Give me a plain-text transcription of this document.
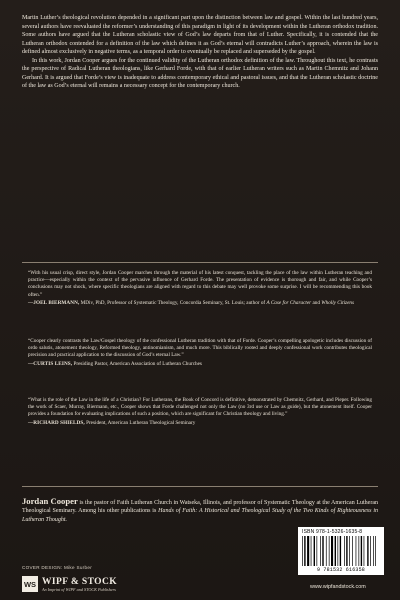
Martin Luther’s theological revolution depended in a significant part upon the distinction between law and gospel. Within the last hundred years, several authors have reevaluated the reformer’s understanding of this paradigm in light of its development within the Lutheran orthodox tradition. Some authors have argued that the Lutheran scholastic view of God’s law departs from that of Luther. Specifically, it is contended that the Lutheran orthodox contended for a definition of the law which defines it as God’s eternal will contradicts Luther’s approach, wherein the law is defined almost exclusively in negative terms, as a temporal order to eventually be replaced and superseded by the gospel.

In this work, Jordan Cooper argues for the continued validity of the Lutheran orthodox definition of the law. Throughout this text, he contrasts the perspective of Radical Lutheran theologians, like Gerhard Forde, with that of earlier Lutheran writers such as Martin Chemnitz and Johann Gerhard. It is argued that Forde’s view is inadequate to address contemporary ethical and pastoral issues, and that the Lutheran scholastic doctrine of the law as God’s eternal will remains a necessary concept for the contemporary church.

“With his usual crisp, direct style, Jordan Cooper marches through the material of his latest conquest, tackling the place of the law within Lutheran teaching and practice—especially within the context of the pervasive influence of Gerhard Forde. The presentation of evidence is thorough and fair, and while Cooper’s conclusions may not shock, where specific theologians are aligned with regard to this debate may well provoke some surprise. I will be recommending this book often.”

—JOEL BIERMANN, MDiv, PhD, Professor of Systematic Theology, Concordia Seminary, St. Louis; author of A Case for Character and Wholly Citizens

“Cooper clearly contrasts the Law/Gospel theology of the confessional Lutheran tradition with that of Forde. Cooper’s compelling apologetic includes discussion of ordo salutis, atonement theology, Reformed theology, antinomianism, and much more. This biblically rooted and deeply confessional work contributes theological precision and practical application to the discussion of God’s eternal Law.”

—CURTIS LEINS, Presiding Pastor, American Association of Lutheran Churches

“What is the role of the Law in the life of a Christian? For Lutherans, the Book of Concord is definitive, demonstrated by Chemnitz, Gerhard, and Pieper. Following the work of Scaer, Murray, Biermann, etc., Cooper shows that Forde challenged not only the Law (no 3rd use or Law as guide), but the atonement itself. Cooper provides a foundation for evaluating implications of such a position, which are significant for Christian theology and living.”

—RICHARD SHIELDS, President, American Lutheran Theological Seminary

Jordan Cooper is the pastor of Faith Lutheran Church in Watseka, Illinois, and professor of Systematic Theology at the American Lutheran Theological Seminary. Among his other publications is Hands of Faith: A Historical and Theological Study of the Two Kinds of Righteousness in Lutheran Thought.
COVER DESIGN: Mike Surber
WS WIPF & STOCK
An Imprint of WIPF and STOCK Publishers
ISBN 978-1-5326-1635-8
9 781532 616358
www.wipfandstock.com
